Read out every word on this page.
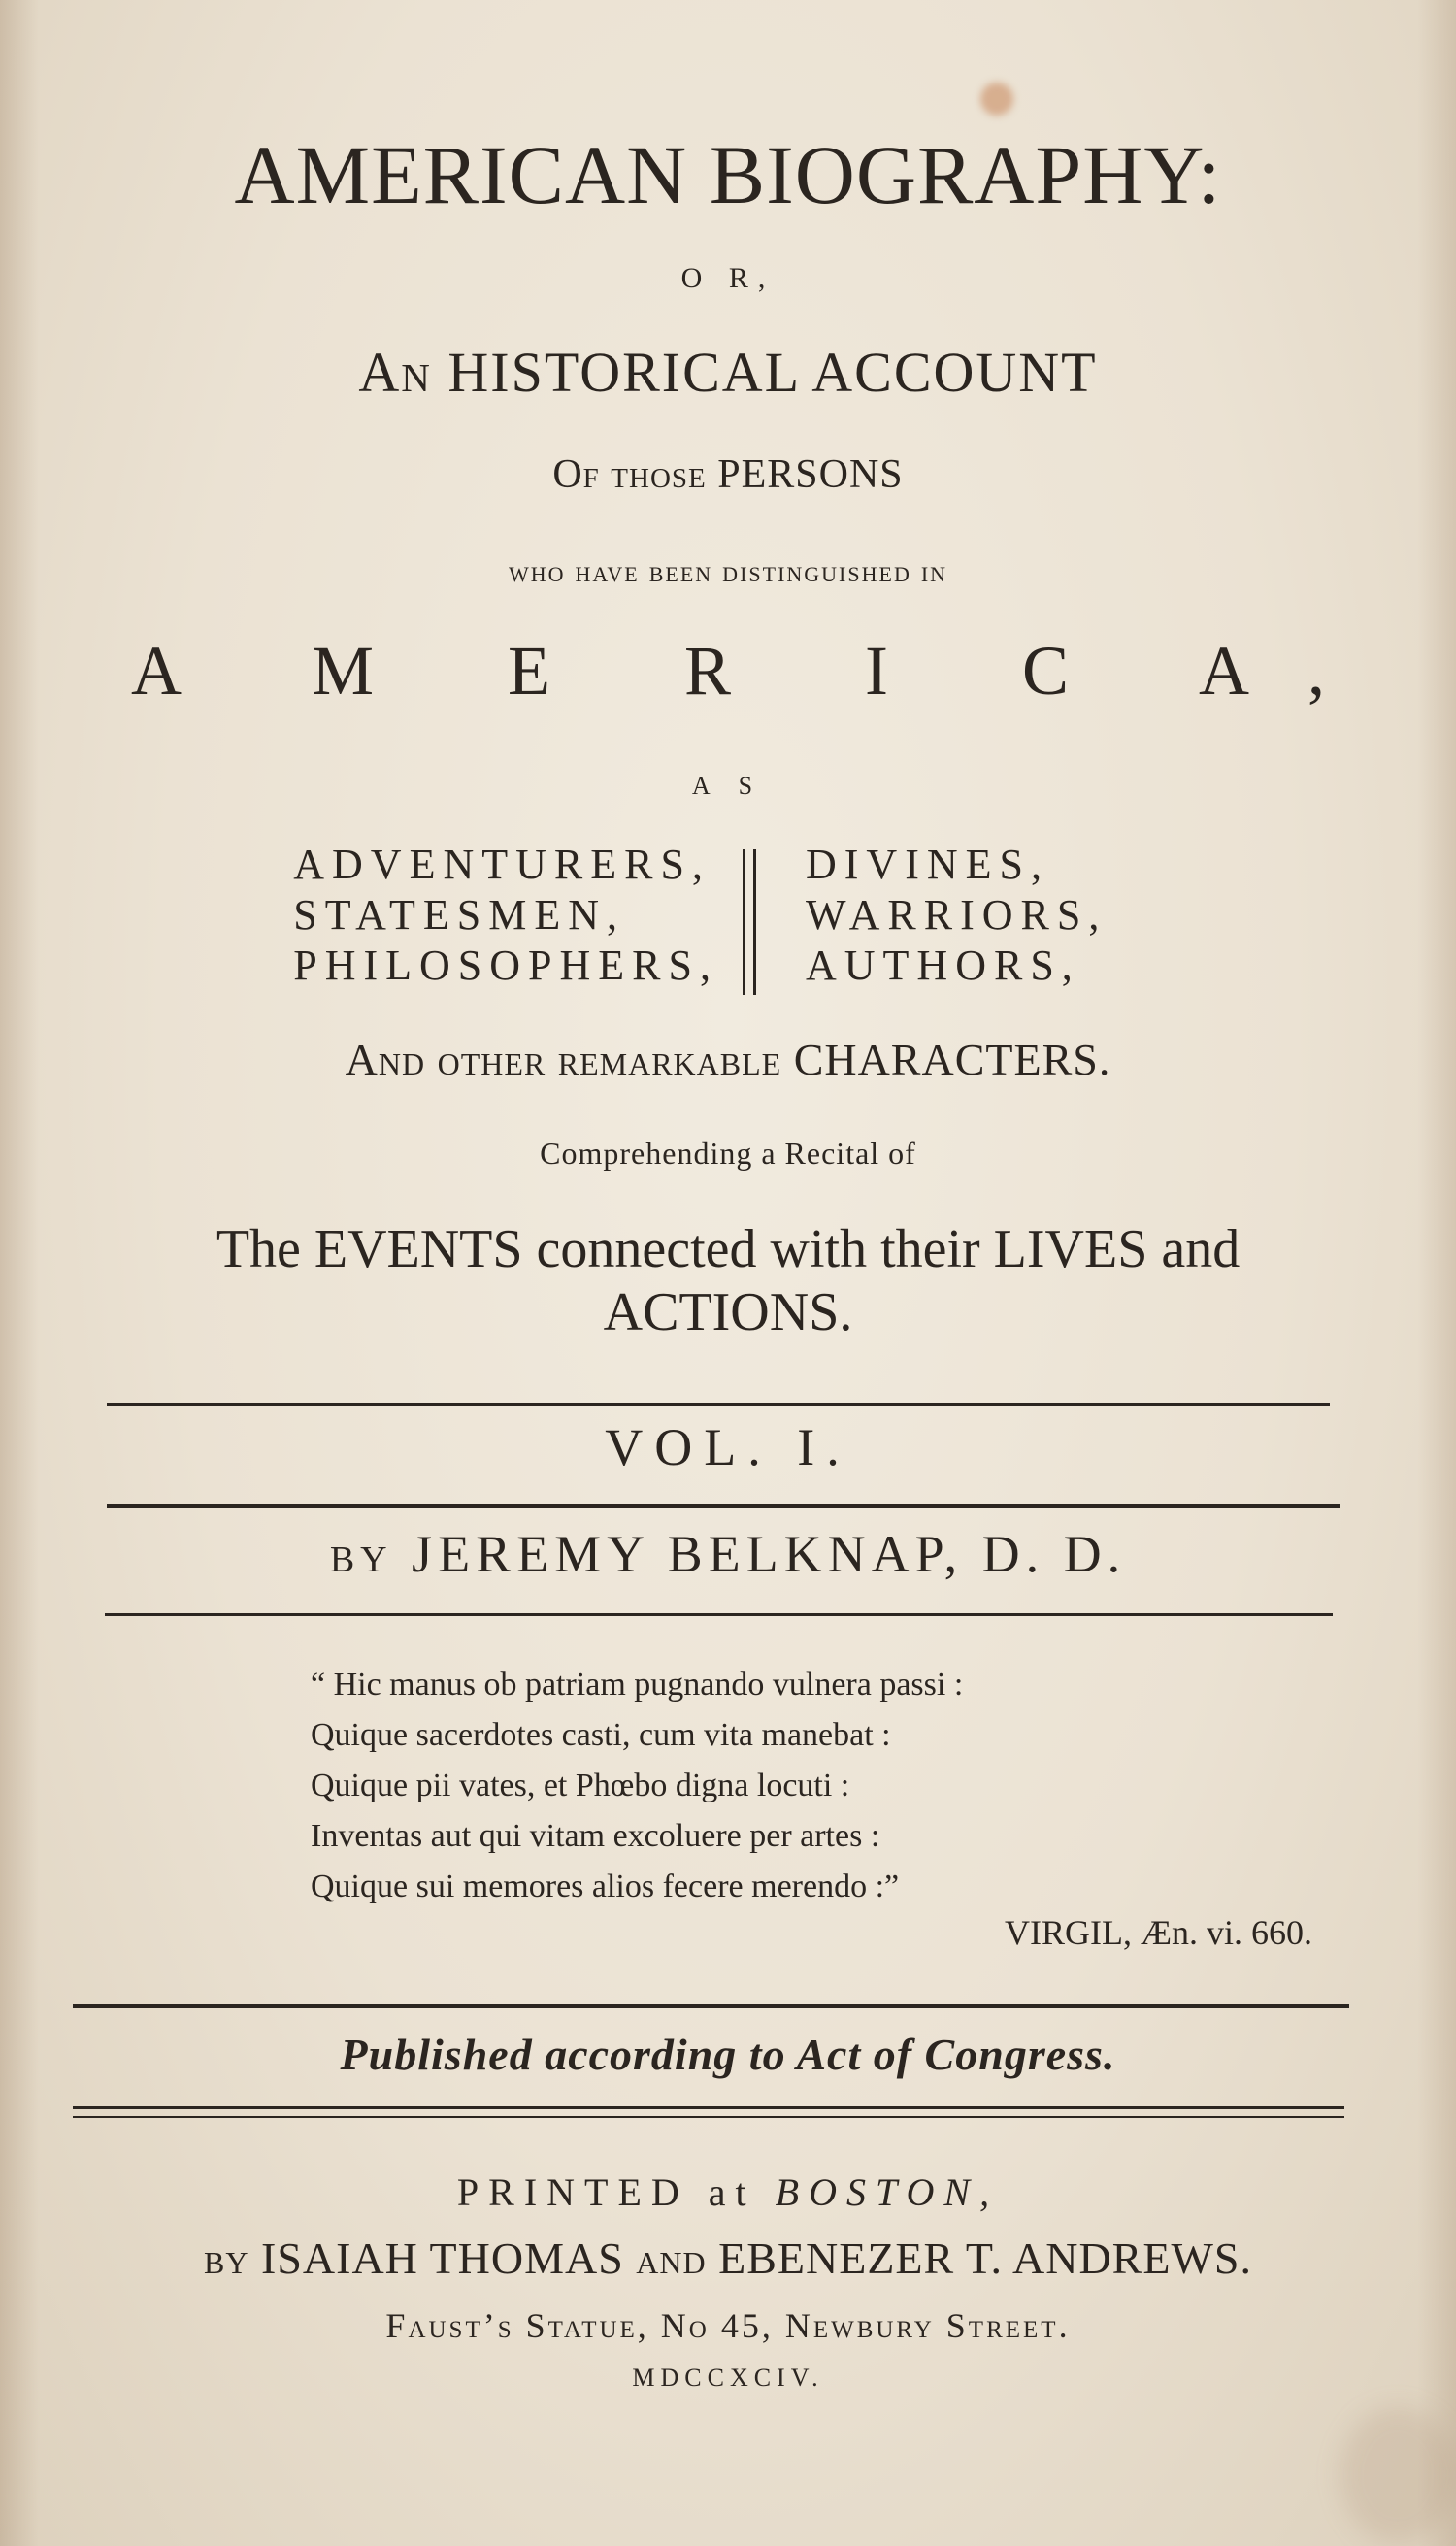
AMERICAN BIOGRAPHY:
O R,
An HISTORICAL ACCOUNT
Of those PERSONS
who have been distinguished in
A M E R I C A,
A S
ADVENTURERS,
STATESMEN,
PHILOSOPHERS,
DIVINES,
WARRIORS,
AUTHORS,
And other remarkable CHARACTERS.
Comprehending a Recital of
The EVENTS connected with their LIVES and
ACTIONS.
VOL. I.
by JEREMY BELKNAP, D. D.
“ Hic manus ob patriam pugnando vulnera passi :
Quique sacerdotes casti, cum vita manebat :
Quique pii vates, et Phœbo digna locuti :
Inventas aut qui vitam excoluere per artes :
Quique sui memores alios fecere merendo :”
VIRGIL, Æn. vi. 660.
Published according to Act of Congress.
PRINTED at BOSTON,
by ISAIAH THOMAS and EBENEZER T. ANDREWS.
Faust’s Statue, No 45, Newbury Street.
MDCCXCIV.
